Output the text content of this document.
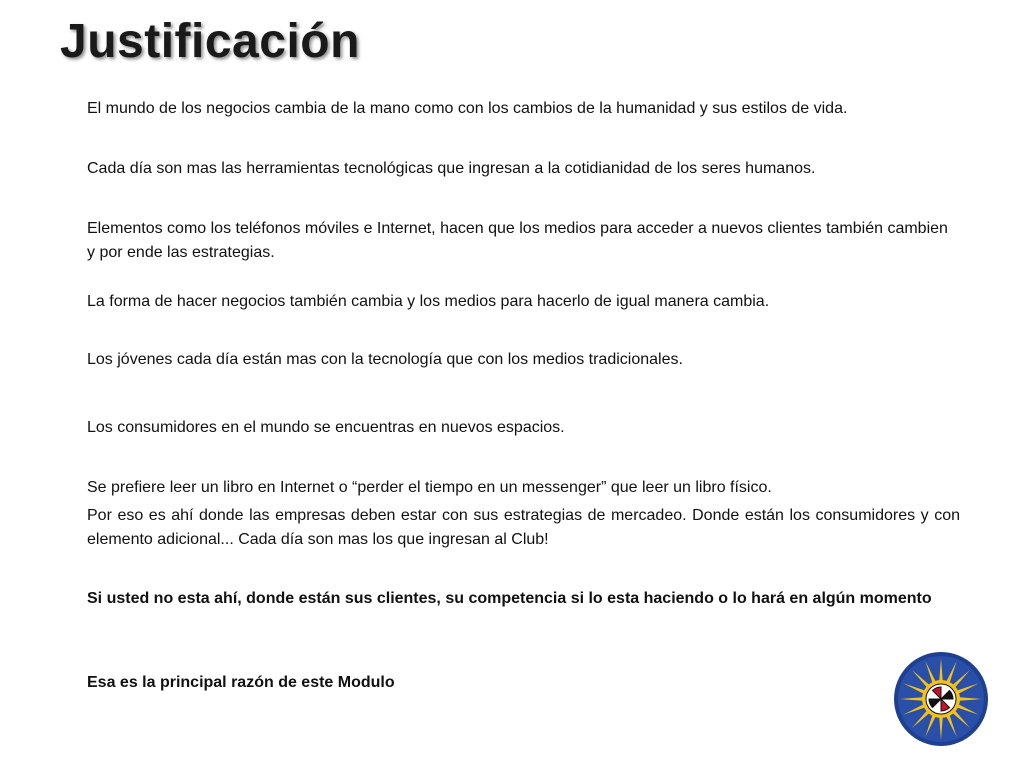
Justificación
El mundo de los negocios cambia de la mano como con los cambios de la humanidad y sus estilos de vida.
Cada día son mas las herramientas tecnológicas que ingresan a la cotidianidad de los seres humanos.
Elementos como los teléfonos móviles e Internet, hacen que los medios para acceder a nuevos clientes también cambien y por ende las estrategias.
La forma de hacer negocios también cambia y los medios para hacerlo de igual manera cambia.
Los jóvenes cada día están mas con la tecnología que con los medios tradicionales.
Los consumidores en el mundo se encuentras en nuevos espacios.
Se prefiere leer un libro en Internet o “perder el tiempo en un messenger” que leer un libro físico.
Por eso es ahí donde las empresas deben estar con sus estrategias de mercadeo. Donde están los consumidores y con elemento adicional... Cada día son mas los que ingresan al Club!
Si usted no esta ahí, donde están sus clientes, su competencia si lo esta haciendo o lo hará en algún momento
Esa es la principal razón de este Modulo
